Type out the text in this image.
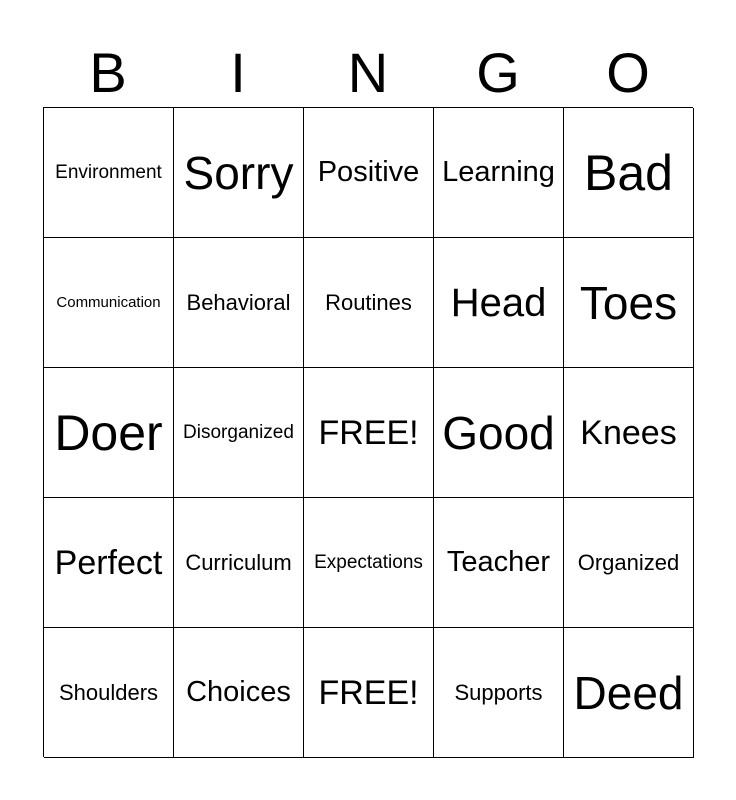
B	I	N	G	O
Environment Sorry Positive Learning Bad
Communication	Behavioral	Routines Head Toes
Doer	Disorganized FREE! Good Knees
Perfect	Curriculum	Expectations Teacher	Organized
Shoulders Choices FREE!	Supports Deed
